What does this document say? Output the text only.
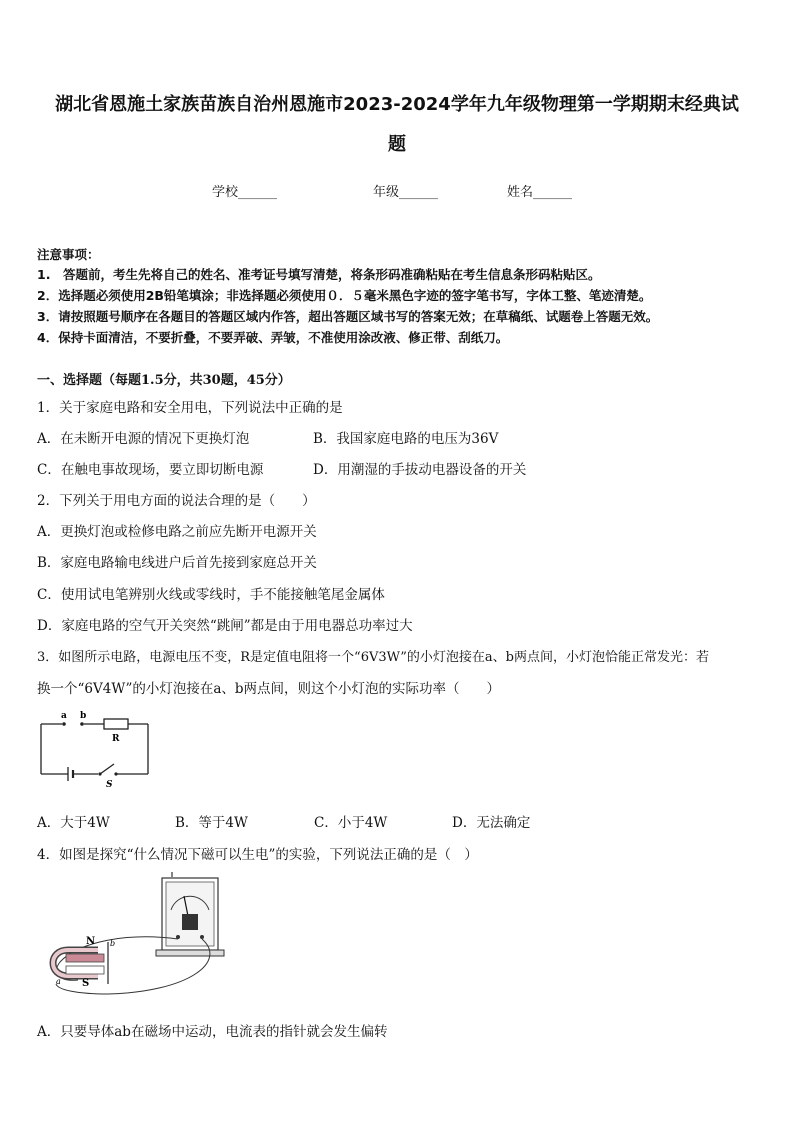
湖北省恩施土家族苗族自治州恩施市2023-2024学年九年级物理第一学期期末经典试
题
学校______	年级______	姓名______
注意事项：
1.　答题前，考生先将自己的姓名、准考证号填写清楚，将条形码准确粘贴在考生信息条形码粘贴区。
2．选择题必须使用2B铅笔填涂；非选择题必须使用０．５毫米黑色字迹的签字笔书写，字体工整、笔迹清楚。
3．请按照题号顺序在各题目的答题区域内作答，超出答题区域书写的答案无效；在草稿纸、试题卷上答题无效。
4．保持卡面清洁，不要折叠，不要弄破、弄皱，不准使用涂改液、修正带、刮纸刀。
一、选择题（每题1.5分，共30题，45分）
1．关于家庭电路和安全用电，下列说法中正确的是
A．在未断开电源的情况下更换灯泡	B．我国家庭电路的电压为36V
C．在触电事故现场，要立即切断电源	D．用潮湿的手拔动电器设备的开关
2．下列关于用电方面的说法合理的是（　　）
A．更换灯泡或检修电路之前应先断开电源开关
B．家庭电路输电线进户后首先接到家庭总开关
C．使用试电笔辨别火线或零线时，手不能接触笔尾金属体
D．家庭电路的空气开关突然“跳闸”都是由于用电器总功率过大
3．如图所示电路，电源电压不变，R是定值电阻将一个“6V3W”的小灯泡接在a、b两点间，小灯泡恰能正常发光：若
换一个“6V4W”的小灯泡接在a、b两点间，则这个小灯泡的实际功率（　　）
a b
R
S
A．大于4W	B．等于4W	C．小于4W	D．无法确定
4．如图是探究“什么情况下磁可以生电”的实验，下列说法正确的是（　）
N
S
b
a
A．只要导体ab在磁场中运动，电流表的指针就会发生偏转
